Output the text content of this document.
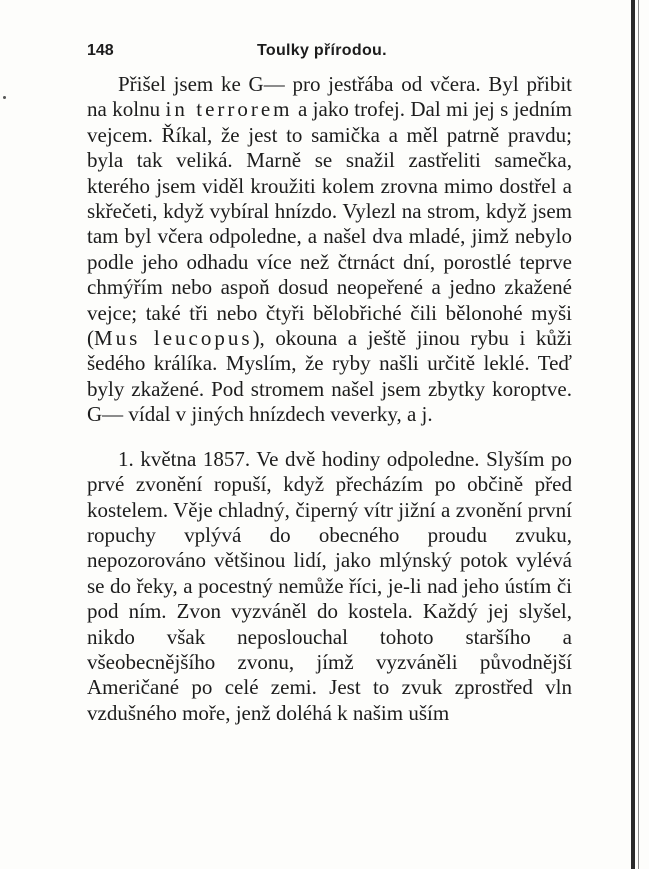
148	Toulky přírodou.

Přišel jsem ke G— pro jestřába od včera. Byl přibit na kolnu in terrorem a jako trofej. Dal mi jej s jedním vejcem. Říkal, že jest to samička a měl patrně pravdu; byla tak veliká. Marně se snažil zastřeliti samečka, kterého jsem viděl kroužiti kolem zrovna mimo dostřel a skřečeti, když vybíral hnízdo. Vylezl na strom, když jsem tam byl včera odpoledne, a našel dva mladé, jimž nebylo podle jeho odhadu více než čtrnáct dní, porostlé teprve chmýřím nebo aspoň dosud neopeřené a jedno zkažené vejce; také tři nebo čtyři bělobřiché čili bělonohé myši (Mus leucopus), okouna a ještě jinou rybu i kůži šedého králíka. Myslím, že ryby našli určitě leklé. Teď byly zkažené. Pod stromem našel jsem zbytky koroptve. G— vídal v jiných hnízdech veverky, a j.

1. května 1857. Ve dvě hodiny odpoledne. Slyším po prvé zvonění ropuší, když přecházím po občině před kostelem. Věje chladný, čiperný vítr jižní a zvonění první ropuchy vplývá do obecného proudu zvuku, nepozorováno většinou lidí, jako mlýnský potok vylévá se do řeky, a pocestný nemůže říci, je-li nad jeho ústím či pod ním. Zvon vyzváněl do kostela. Každý jej slyšel, nikdo však neposlouchal tohoto staršího a všeobecnějšího zvonu, jímž vyzváněli původnější Američané po celé zemi. Jest to zvuk zprostřed vln vzdušného moře, jenž doléhá k našim uším
